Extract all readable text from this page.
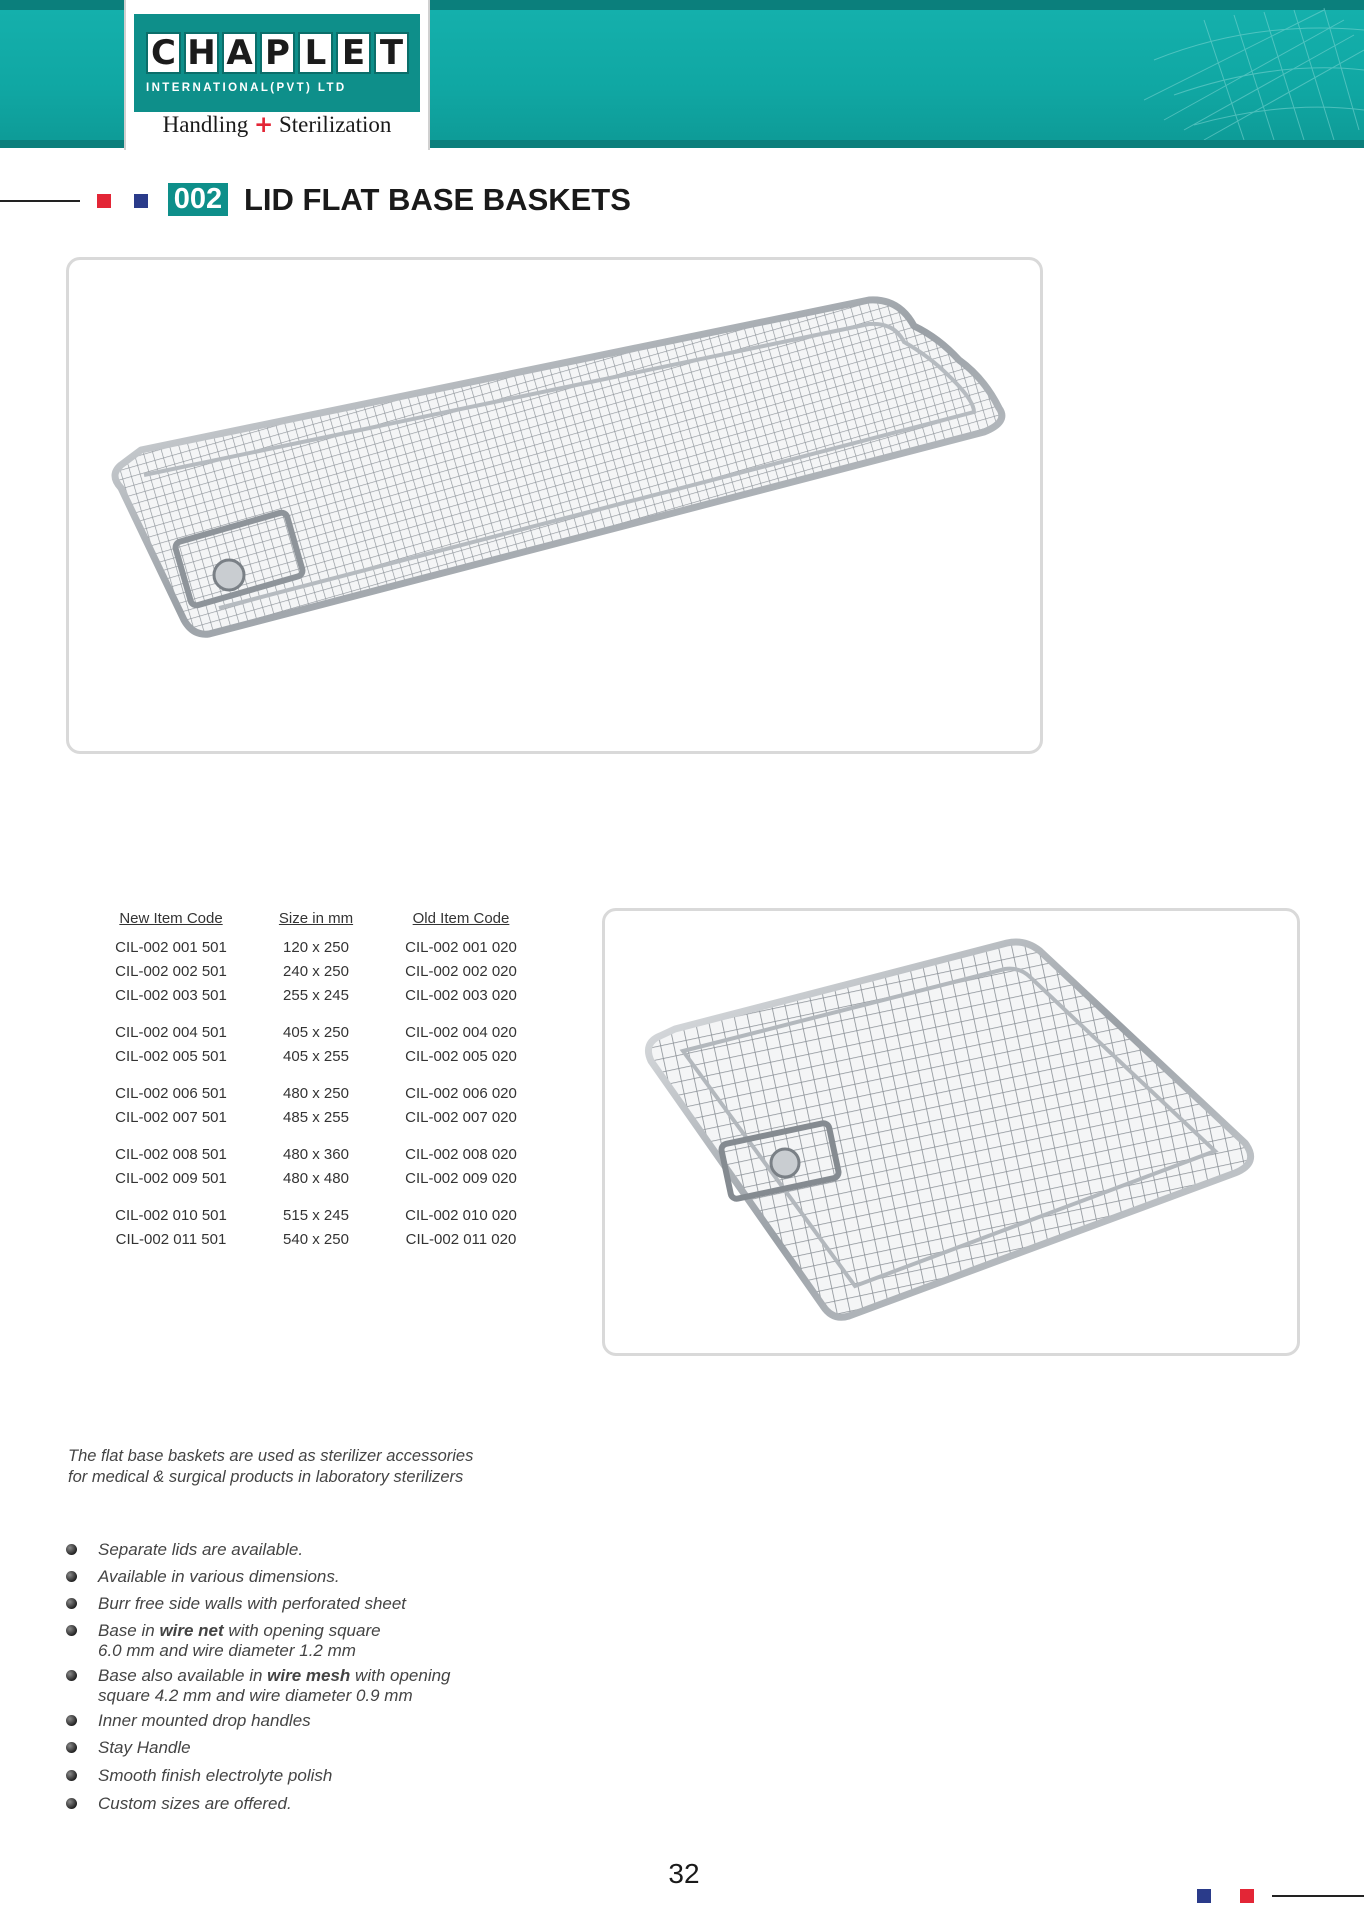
C H A P L E T
INTERNATIONAL(PVT) LTD
Handling + Sterilization
002 LID FLAT BASE BASKETS
New Item Code	Size in mm	Old Item Code
CIL-002 001 501	120 x 250	CIL-002 001 020
CIL-002 002 501	240 x 250	CIL-002 002 020
CIL-002 003 501	255 x 245	CIL-002 003 020
CIL-002 004 501	405 x 250	CIL-002 004 020
CIL-002 005 501	405 x 255	CIL-002 005 020
CIL-002 006 501	480 x 250	CIL-002 006 020
CIL-002 007 501	485 x 255	CIL-002 007 020
CIL-002 008 501	480 x 360	CIL-002 008 020
CIL-002 009 501	480 x 480	CIL-002 009 020
CIL-002 010 501	515 x 245	CIL-002 010 020
CIL-002 011 501	540 x 250	CIL-002 011 020
The flat base baskets are used as sterilizer accessories
for medical & surgical products in laboratory sterilizers
Separate lids are available.
Available in various dimensions.
Burr free side walls with perforated sheet
Base in wire net with opening square
6.0 mm and wire diameter 1.2 mm
Base also available in wire mesh with opening
square 4.2 mm and wire diameter 0.9 mm
Inner mounted drop handles
Stay Handle
Smooth finish electrolyte polish
Custom sizes are offered.
32
